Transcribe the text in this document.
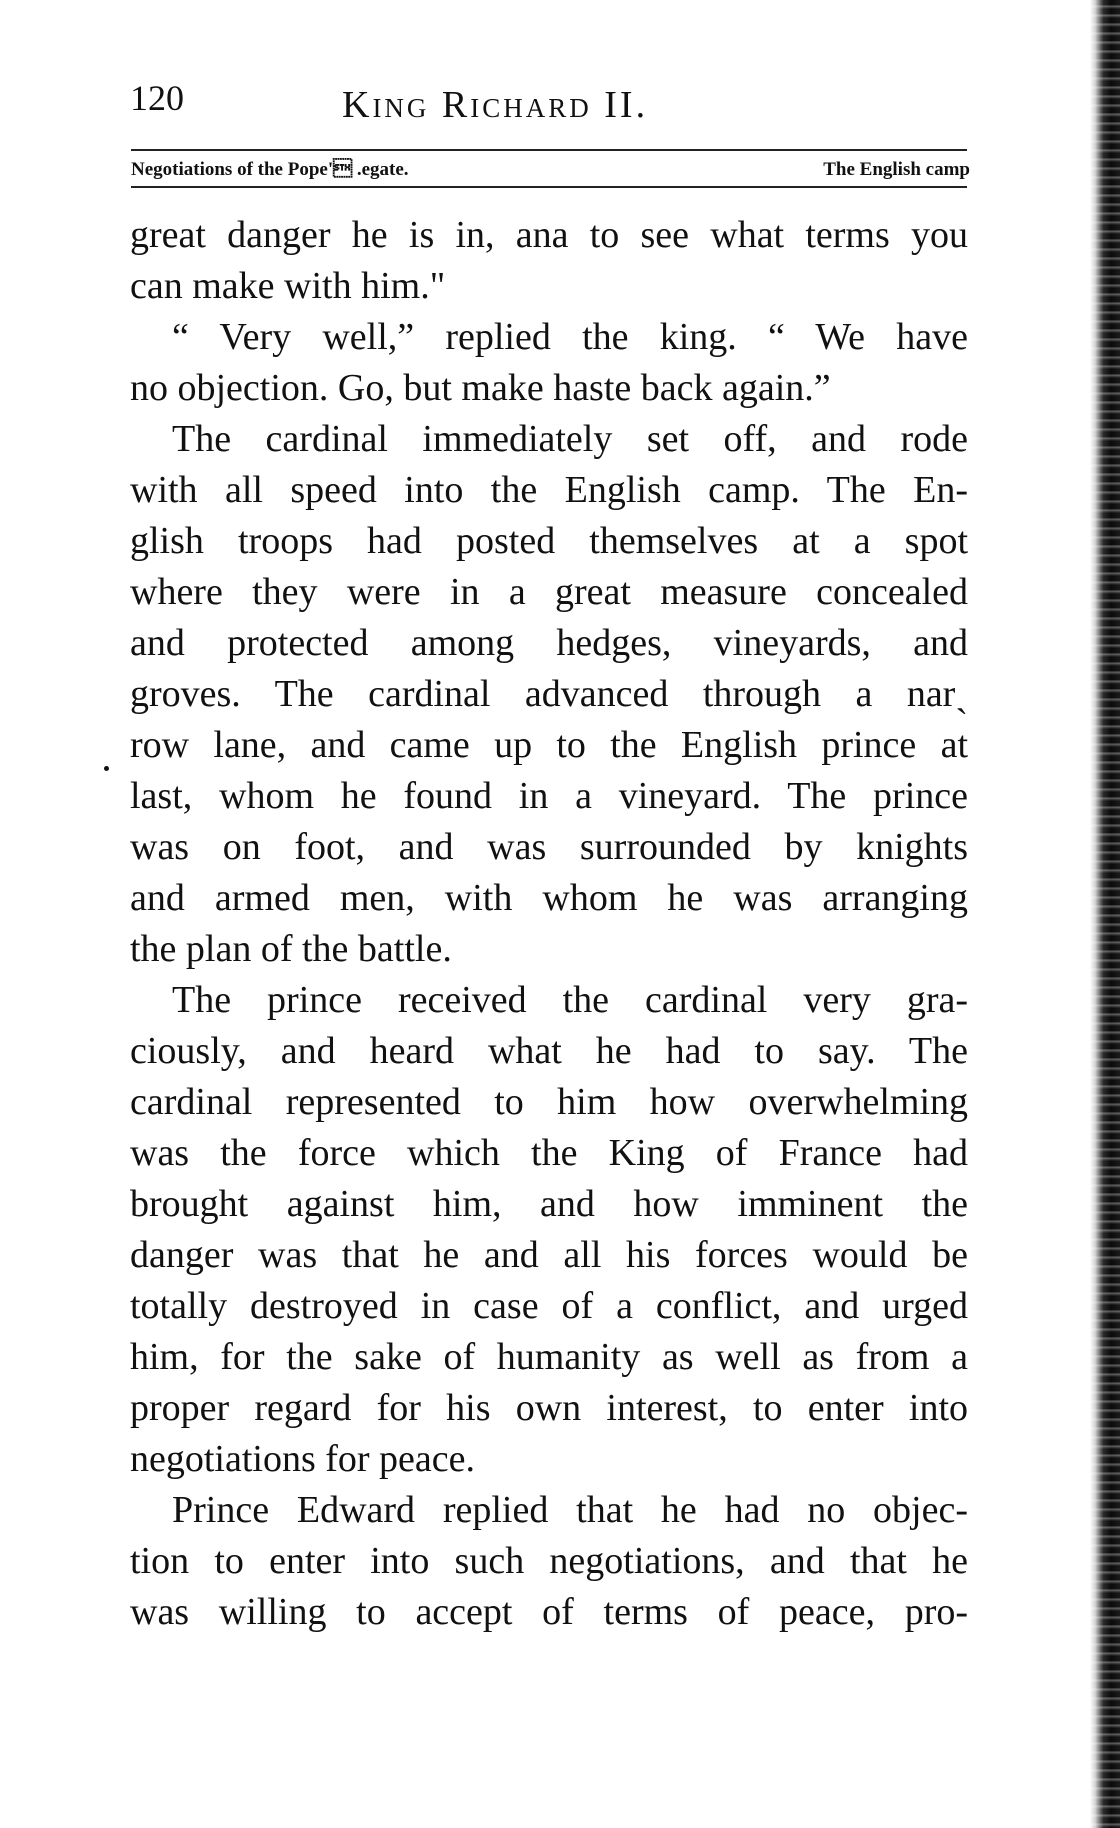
120	King Richard II.
Negotiations of the Pope' .egate.	The English camp
great danger he is in, ana to see what terms you
can make with him."
“ Very well,” replied the king. “ We have
no objection. Go, but make haste back again.”
The cardinal immediately set off, and rode
with all speed into the English camp. The En-
glish troops had posted themselves at a spot
where they were in a great measure concealed
and protected among hedges, vineyards, and
groves. The cardinal advanced through a narˎ
row lane, and came up to the English prince at
last, whom he found in a vineyard. The prince
was on foot, and was surrounded by knights
and armed men, with whom he was arranging
the plan of the battle.
The prince received the cardinal very gra-
ciously, and heard what he had to say. The
cardinal represented to him how overwhelming
was the force which the King of France had
brought against him, and how imminent the
danger was that he and all his forces would be
totally destroyed in case of a conflict, and urged
him, for the sake of humanity as well as from a
proper regard for his own interest, to enter into
negotiations for peace.
Prince Edward replied that he had no objec-
tion to enter into such negotiations, and that he
was willing to accept of terms of peace, pro-
